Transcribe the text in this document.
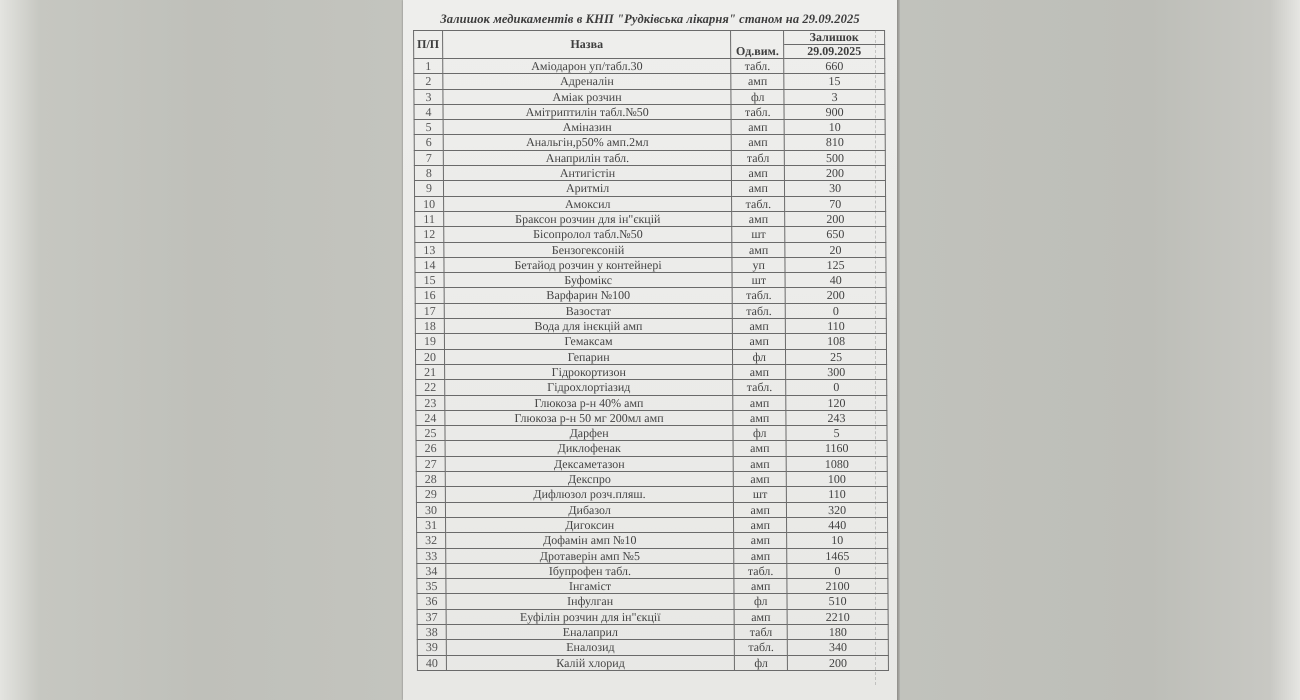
Залишок медикаментів в КНП "Рудківська лікарня" станом на 29.09.2025
П/П	Назва		Залишок
		Од.вим.	29.09.2025
1	Аміодарон уп/табл.30	табл.	660
2	Адреналін	амп	15
3	Аміак розчин	фл	3
4	Амітриптилін табл.№50	табл.	900
5	Аміназин	амп	10
6	Анальгін,р50% амп.2мл	амп	810
7	Анаприлін табл.	табл	500
8	Антигістін	амп	200
9	Аритміл	амп	30
10	Амоксил	табл.	70
11	Браксон розчин для ін"єкцій	амп	200
12	Бісопролол табл.№50	шт	650
13	Бензогексоній	амп	20
14	Бетайод розчин у контейнері	уп	125
15	Буфомікс	шт	40
16	Варфарин №100	табл.	200
17	Вазостат	табл.	0
18	Вода для інєкцій амп	амп	110
19	Гемаксам	амп	108
20	Гепарин	фл	25
21	Гідрокортизон	амп	300
22	Гідрохлортіазид	табл.	0
23	Глюкоза р-н 40% амп	амп	120
24	Глюкоза р-н 50 мг 200мл амп	амп	243
25	Дарфен	фл	5
26	Диклофенак	амп	1160
27	Дексаметазон	амп	1080
28	Декспро	амп	100
29	Дифлюзол розч.пляш.	шт	110
30	Дибазол	амп	320
31	Дигоксин	амп	440
32	Дофамін амп №10	амп	10
33	Дротаверін амп №5	амп	1465
34	Ібупрофен табл.	табл.	0
35	Інгаміст	амп	2100
36	Інфулган	фл	510
37	Еуфілін розчин для ін"єкції	амп	2210
38	Еналаприл	табл	180
39	Еналозид	табл.	340
40	Калій хлорид	фл	200
